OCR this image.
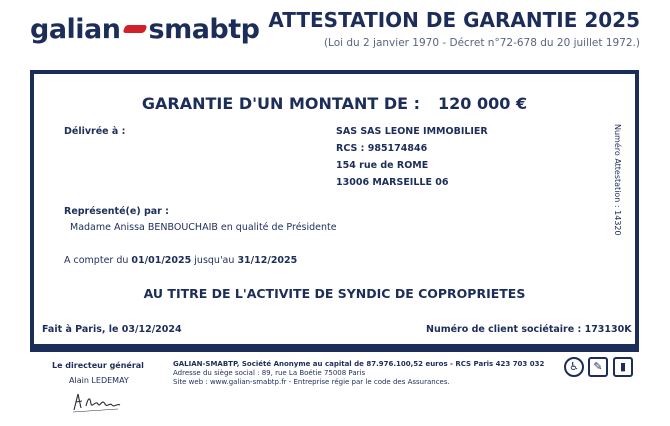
galian smabtp ATTESTATION DE GARANTIE 2025
(Loi du 2 janvier 1970 - Décret n°72-678 du 20 juillet 1972.)
GARANTIE D'UN MONTANT DE : 120 000 €
Délivrée à :	SAS SAS LEONE IMMOBILIER
RCS : 985174846
154 rue de ROME
13006 MARSEILLE 06	Numéro Attestation : 14320
Représenté(e) par :
Madame Anissa BENBOUCHAIB en qualité de Présidente
A compter du 01/01/2025 jusqu'au 31/12/2025
AU TITRE DE L'ACTIVITE DE SYNDIC DE COPROPRIETES
Fait à Paris, le 03/12/2024	Numéro de client sociétaire : 173130K
Le directeur général
Alain LEDEMAY
GALIAN-SMABTP, Société Anonyme au capital de 87.976.100,52 euros - RCS Paris 423 703 032
Adresse du siège social : 89, rue La Boétie 75008 Paris
Site web : www.galian-smabtp.fr - Entreprise régie par le code des Assurances.
♿	✎	▮
